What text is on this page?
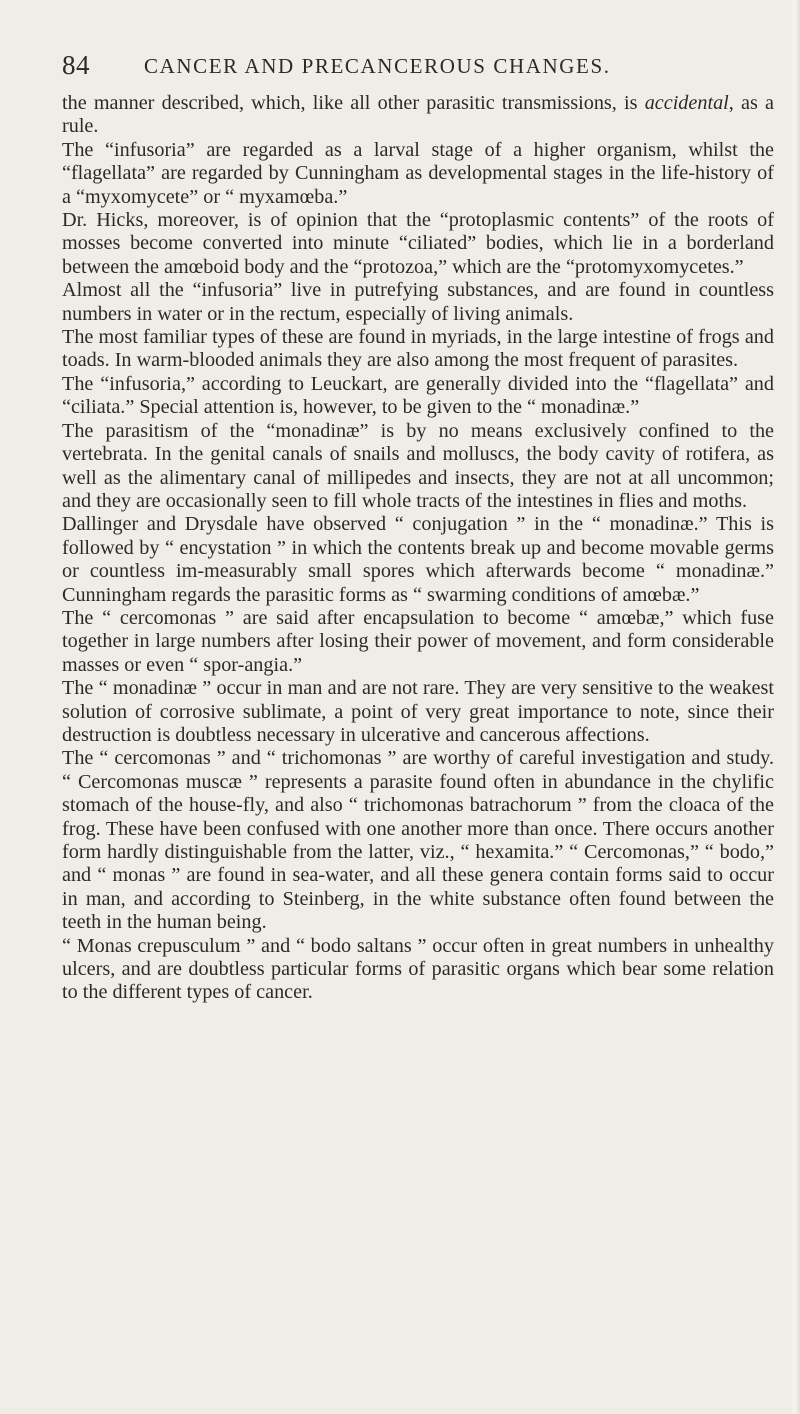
84	CANCER AND PRECANCEROUS CHANGES.

the manner described, which, like all other parasitic transmissions, is accidental, as a rule.

The “infusoria” are regarded as a larval stage of a higher organism, whilst the “flagellata” are regarded by Cunningham as developmental stages in the life-history of a “myxomycete” or “ myxamœba.”

Dr. Hicks, moreover, is of opinion that the “protoplasmic contents” of the roots of mosses become converted into minute “ciliated” bodies, which lie in a borderland between the amœboid body and the “protozoa,” which are the “protomyxomycetes.”

Almost all the “infusoria” live in putrefying substances, and are found in countless numbers in water or in the rectum, especially of living animals.

The most familiar types of these are found in myriads, in the large intestine of frogs and toads. In warm-blooded animals they are also among the most frequent of parasites.

The “infusoria,” according to Leuckart, are generally divided into the “flagellata” and “ciliata.” Special attention is, however, to be given to the “ monadinæ.”

The parasitism of the “monadinæ” is by no means exclusively confined to the vertebrata. In the genital canals of snails and molluscs, the body cavity of rotifera, as well as the alimentary canal of millipedes and insects, they are not at all uncommon; and they are occasionally seen to fill whole tracts of the intestines in flies and moths.

Dallinger and Drysdale have observed “ conjugation ” in the “ monadinæ.” This is followed by “ encystation ” in which the contents break up and become movable germs or countless im-measurably small spores which afterwards become “ monadinæ.” Cunningham regards the parasitic forms as “ swarming conditions of amœbæ.”

The “ cercomonas ” are said after encapsulation to become “ amœbæ,” which fuse together in large numbers after losing their power of movement, and form considerable masses or even “ spor-angia.”

The “ monadinæ ” occur in man and are not rare. They are very sensitive to the weakest solution of corrosive sublimate, a point of very great importance to note, since their destruction is doubtless necessary in ulcerative and cancerous affections.

The “ cercomonas ” and “ trichomonas ” are worthy of careful investigation and study. “ Cercomonas muscæ ” represents a parasite found often in abundance in the chylific stomach of the house-fly, and also “ trichomonas batrachorum ” from the cloaca of the frog. These have been confused with one another more than once. There occurs another form hardly distinguishable from the latter, viz., “ hexamita.” “ Cercomonas,” “ bodo,” and “ monas ” are found in sea-water, and all these genera contain forms said to occur in man, and according to Steinberg, in the white substance often found between the teeth in the human being.

“ Monas crepusculum ” and “ bodo saltans ” occur often in great numbers in unhealthy ulcers, and are doubtless particular forms of parasitic organs which bear some relation to the different types of cancer.
